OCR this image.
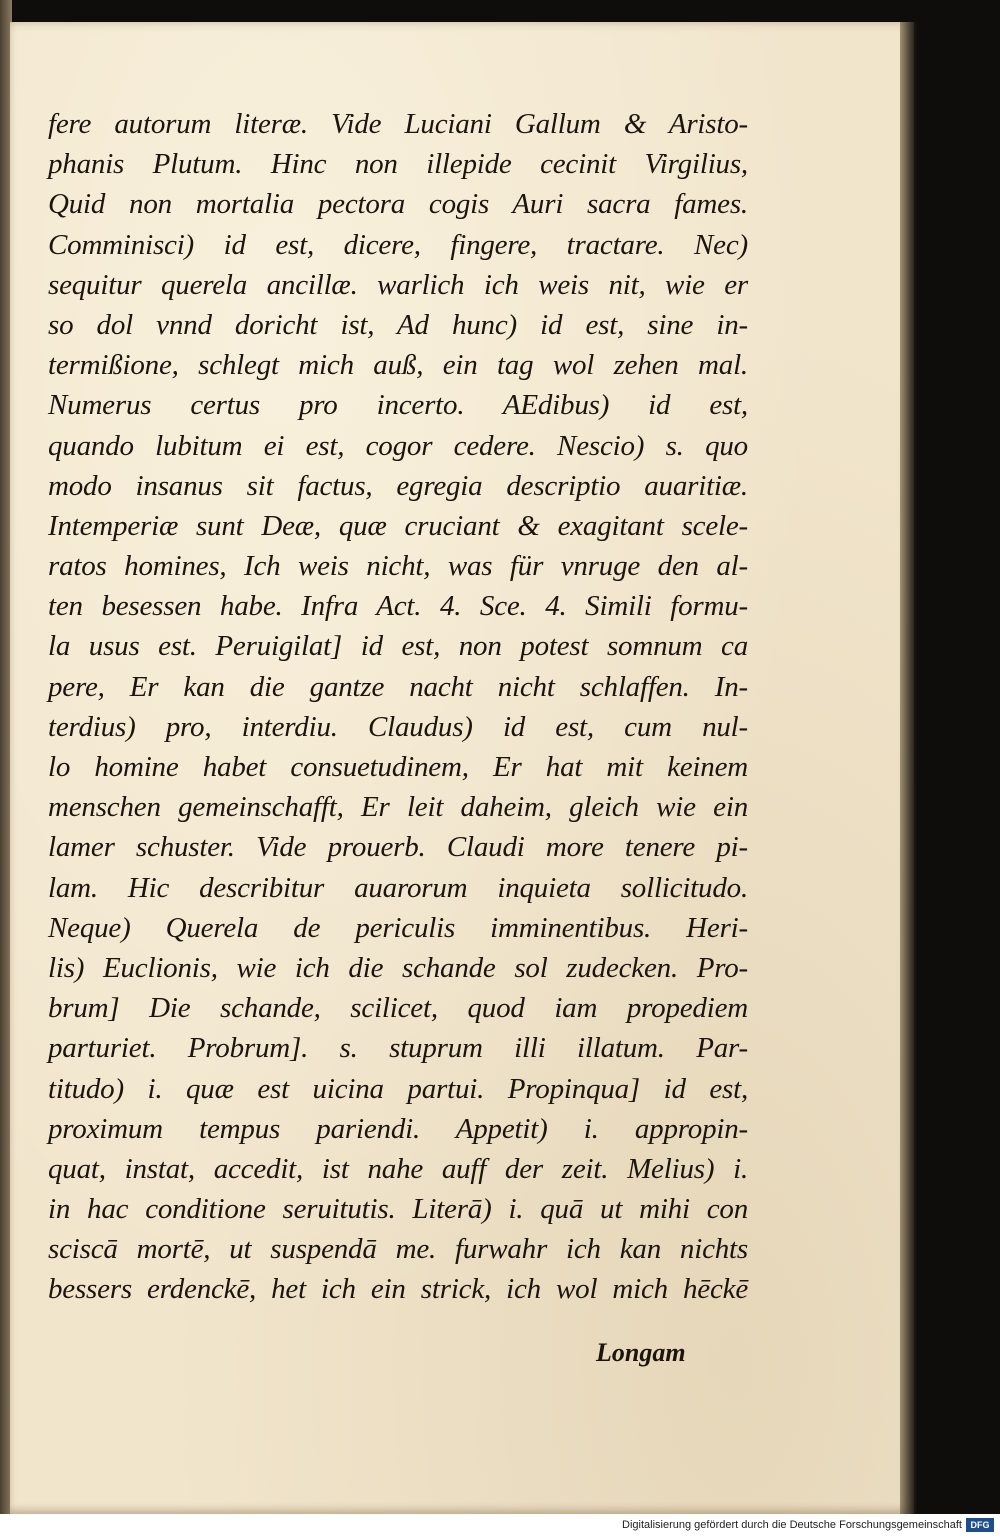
fere autorum literæ. Vide Luciani Gallum & Aristo-
phanis Plutum. Hinc non illepide cecinit Virgilius,
Quid non mortalia pectora cogis Auri sacra fames.
Comminisci) id est, dicere, fingere, tractare. Nec)
sequitur querela ancillæ. warlich ich weis nit, wie er
so dol vnnd doricht ist, Ad hunc) id est, sine in-
termißione, schlegt mich auß, ein tag wol zehen mal.
Numerus certus pro incerto. AEdibus) id est,
quando lubitum ei est, cogor cedere. Nescio) s. quo
modo insanus sit factus, egregia descriptio auaritiæ.
Intemperiæ sunt Deæ, quæ cruciant & exagitant scele-
ratos homines, Ich weis nicht, was für vnruge den al-
ten besessen habe. Infra Act. 4. Sce. 4. Simili formu-
la usus est. Peruigilat] id est, non potest somnum ca
pere, Er kan die gantze nacht nicht schlaffen. In-
terdius) pro, interdiu. Claudus) id est, cum nul-
lo homine habet consuetudinem, Er hat mit keinem
menschen gemeinschafft, Er leit daheim, gleich wie ein
lamer schuster. Vide prouerb. Claudi more tenere pi-
lam. Hic describitur auarorum inquieta sollicitudo.
Neque) Querela de periculis imminentibus. Heri-
lis) Euclionis, wie ich die schande sol zudecken. Pro-
brum] Die schande, scilicet, quod iam propediem
parturiet. Probrum]. s. stuprum illi illatum. Par-
titudo) i. quæ est uicina partui. Propinqua] id est,
proximum tempus pariendi. Appetit) i. appropin-
quat, instat, accedit, ist nahe auff der zeit. Melius) i.
in hac conditione seruitutis. Literā) i. quā ut mihi con
sciscā mortē, ut suspendā me. furwahr ich kan nichts
bessers erdenckē, het ich ein strick, ich wol mich hēckē
Longam
Digitalisierung gefördert durch die Deutsche Forschungsgemeinschaft DFG
